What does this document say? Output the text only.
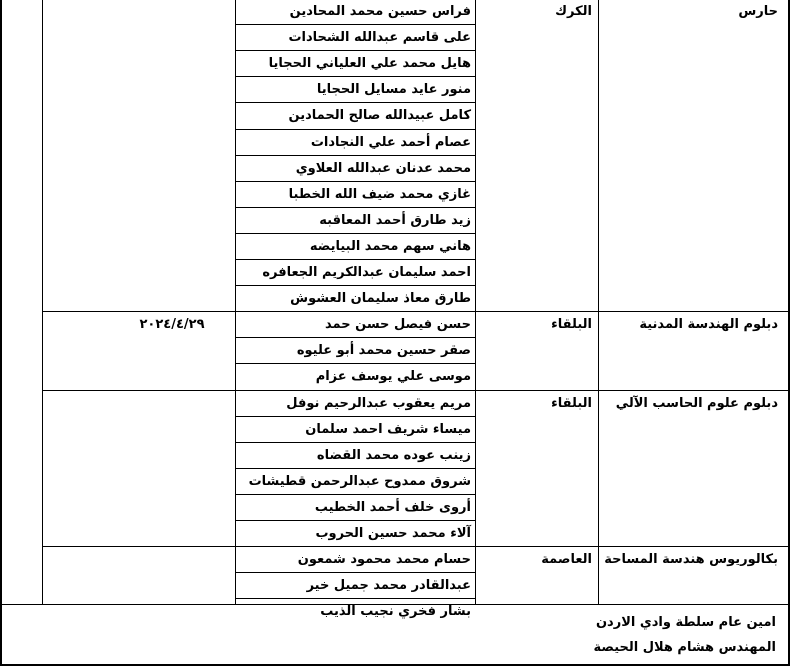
امين عام سلطة وادي الاردن
المهندس هشام هلال الحيصة
حارس
الكرك
فراس حسين محمد المحادين
على قاسم عبدالله الشحادات
هايل محمد علي العلياني الحجايا
منور عايد مسايل الحجايا
كامل عبيدالله صالح الحمادين
عصام أحمد علي النجادات
محمد عدنان عبدالله العلاوي
غازي محمد ضيف الله الخطبا
زيد طارق أحمد المعاقبه
هاني سهم محمد البيايضه
احمد سليمان عبدالكريم الجعافره
طارق معاذ سليمان العشوش
دبلوم الهندسة المدنية
البلقاء
٢٠٢٤/٤/٢٩	حسن فيصل حسن حمد
صقر حسين محمد أبو عليوه
موسى علي يوسف عزام
دبلوم علوم الحاسب الآلي
البلقاء
مريم يعقوب عبدالرحيم نوفل
ميساء شريف احمد سلمان
زينب عوده محمد القضاه
شروق ممدوح عبدالرحمن قطيشات
أروى خلف أحمد الخطيب
آلاء محمد حسين الحروب
بكالوريوس هندسة المساحة
العاصمة
حسام محمد محمود شمعون
عبدالقادر محمد جميل خير
بشار فخري نجيب الذيب
